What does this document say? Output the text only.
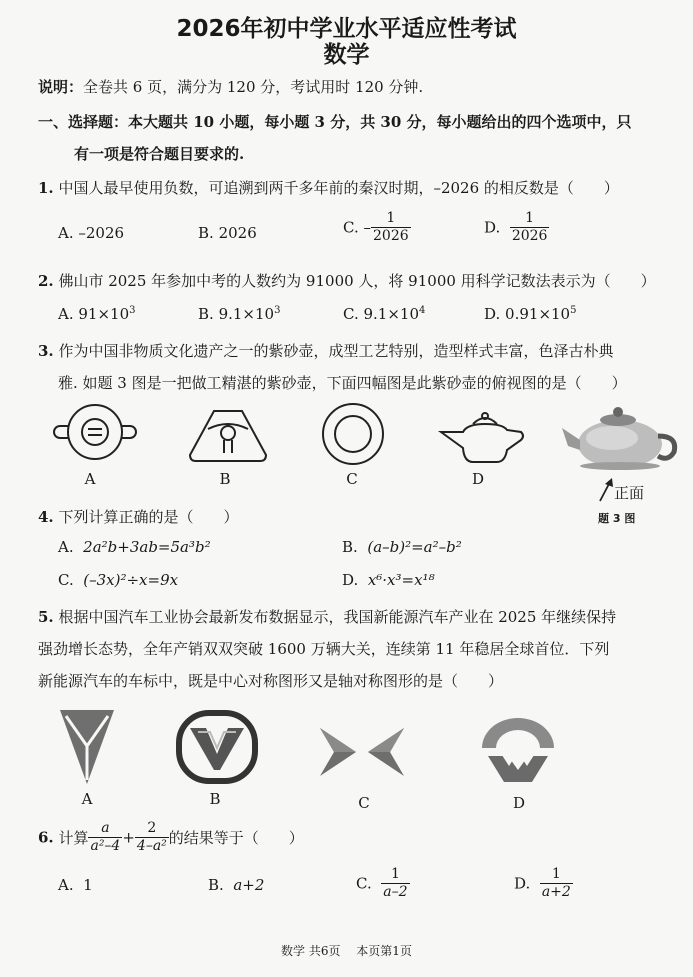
2026年初中学业水平适应性考试
数学
说明：全卷共 6 页，满分为 120 分，考试用时 120 分钟.
一、选择题：本大题共 10 小题，每小题 3 分，共 30 分，每小题给出的四个选项中，只
有一项是符合题目要求的.
1. 中国人最早使用负数，可追溯到两千多年前的秦汉时期，–2026 的相反数是（　　）
A. –2026	B. 2026	C. – $\frac{1}{2026}$	D. $\frac{1}{2026}$
2. 佛山市 2025 年参加中考的人数约为 91000 人，将 91000 用科学记数法表示为（　　）
A. $91\times 10^3$	B. $9.1\times 10^3$	C. $9.1\times 10^4$	D. $0.91\times 10^5$
3. 作为中国非物质文化遗产之一的紫砂壶，成型工艺特别，造型样式丰富，色泽古朴典
雅. 如题 3 图是一把做工精湛的紫砂壶，下面四幅图是此紫砂壶的俯视图的是（　　）
A	B	C	D
正面
题 3 图
4. 下列计算正确的是（　　）
A. 2a²b+3ab=5a³b²	B. (a–b)²=a²–b²
C. (–3x)²÷x=9x	D. x⁶·x³=x¹⁸
5. 根据中国汽车工业协会最新发布数据显示，我国新能源汽车产业在 2025 年继续保持
强劲增长态势，全年产销双双突破 1600 万辆大关，连续第 11 年稳居全球首位．下列
新能源汽车的车标中，既是中心对称图形又是轴对称图形的是（　　）
A	B	C	D
6. 计算 $\frac{a}{\text{a²–4}} + \frac{2}{\text{4–a²}}$ 的结果等于（　　）
A. 1	B. a+2	C. $\frac{1}{a-2}$	D. $\frac{1}{a+2}$
数学 共6页　 本页第1页
